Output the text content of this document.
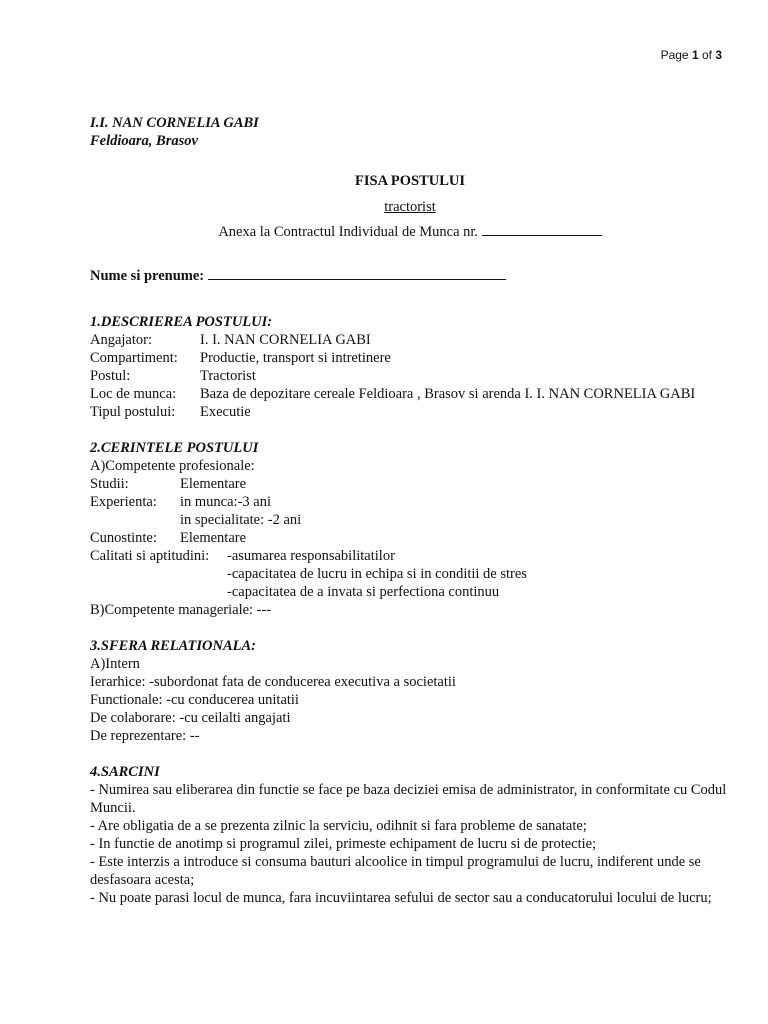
Page 1 of 3
I.I. NAN CORNELIA GABI
Feldioara, Brasov
FISA POSTULUI
tractorist
Anexa la Contractul Individual de Munca nr.
Nume si prenume:
1.DESCRIEREA POSTULUI:
Angajator:	I. I. NAN CORNELIA GABI
Compartiment:	Productie, transport si intretinere
Postul:	Tractorist
Loc de munca:	Baza de depozitare cereale Feldioara , Brasov si arenda I. I. NAN CORNELIA GABI
Tipul postului:	Executie
2.CERINTELE POSTULUI
A)Competente profesionale:
Studii:	Elementare
Experienta:	in munca:-3 ani
in specialitate: -2 ani
Cunostinte:	Elementare
Calitati si aptitudini:	-asumarea responsabilitatilor
-capacitatea de lucru in echipa si in conditii de stres
-capacitatea de a invata si perfectiona continuu
B)Competente manageriale: ---
3.SFERA RELATIONALA:
A)Intern
Ierarhice: -subordonat fata de conducerea executiva a societatii
Functionale: -cu conducerea unitatii
De colaborare: -cu ceilalti angajati
De reprezentare: --
4.SARCINI
- Numirea sau eliberarea din functie se face pe baza deciziei emisa de administrator, in conformitate cu Codul Muncii.
- Are obligatia de a se prezenta zilnic la serviciu, odihnit si fara probleme de sanatate;
- In functie de anotimp si programul zilei, primeste echipament de lucru si de protectie;
- Este interzis a introduce si consuma bauturi alcoolice in timpul programului de lucru, indiferent unde se desfasoara acesta;
- Nu poate parasi locul de munca, fara incuviintarea sefului de sector sau a conducatorului locului de lucru;
